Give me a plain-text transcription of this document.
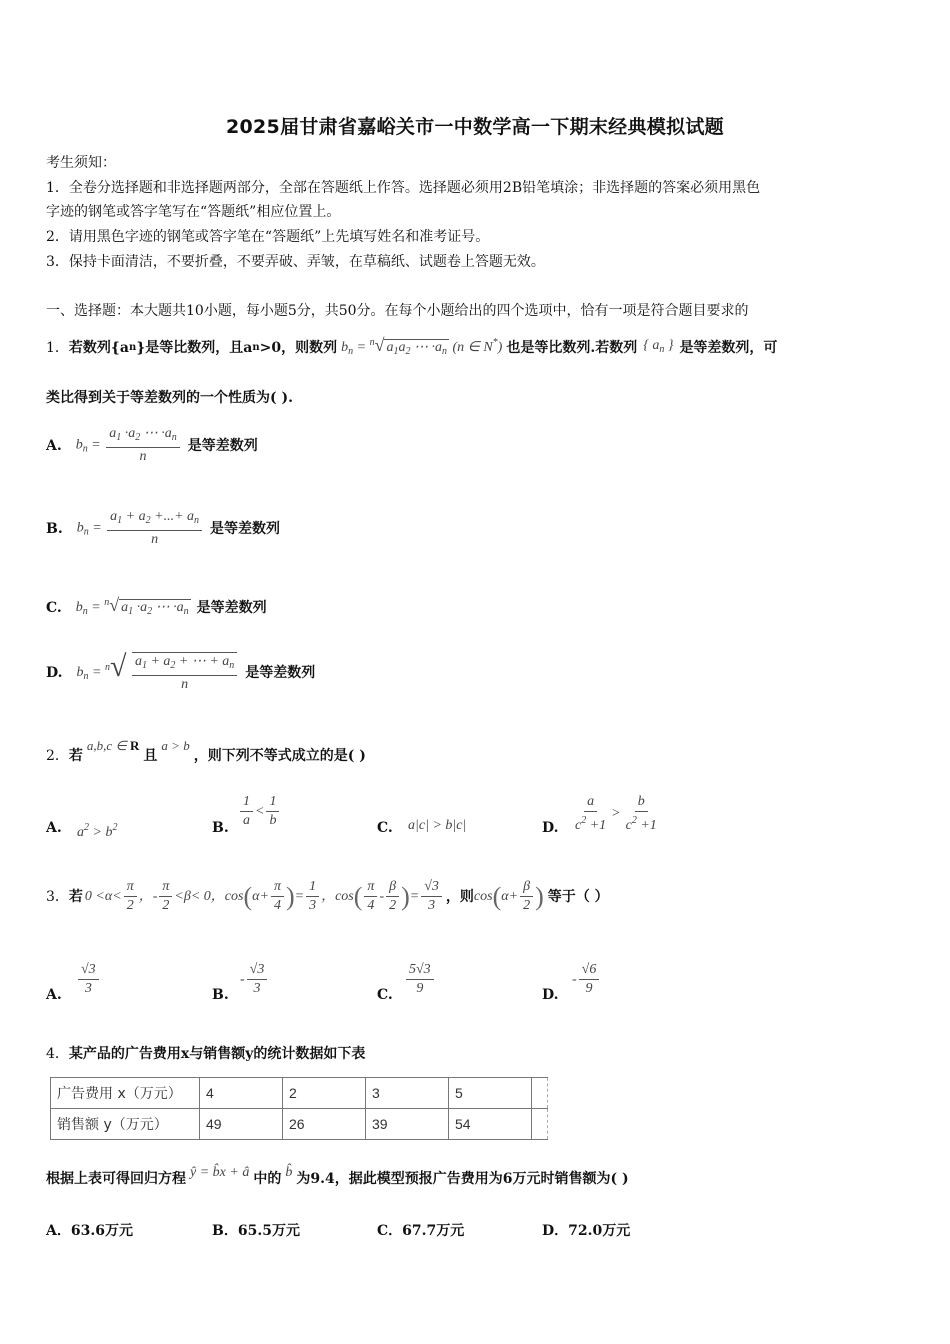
2025届甘肃省嘉峪关市一中数学高一下期末经典模拟试题
考生须知：
1．全卷分选择题和非选择题两部分，全部在答题纸上作答。选择题必须用2B铅笔填涂；非选择题的答案必须用黑色
字迹的钢笔或答字笔写在“答题纸”相应位置上。
2．请用黑色字迹的钢笔或答字笔在“答题纸”上先填写姓名和准考证号。
3．保持卡面清洁，不要折叠，不要弄破、弄皱，在草稿纸、试题卷上答题无效。
一、选择题：本大题共10小题，每小题5分，共50分。在每个小题给出的四个选项中，恰有一项是符合题目要求的
1． 若数列{a n }是等比数列，且a n >0，则数列 $b_n = ^n√$ $a_1a_2$ ⋯ $\cdot a_n$ (n ∈ N*) 也是等比数列.若数列 { $a_n$ } 是等差数列，可
类比得到关于等差数列的一个性质为( ).
A. $b_n = \frac{a_1 \cdot a_2 \cdots \cdot a_n}{n}$ 是等差数列
B. $b_n = \frac{a_1 + a_2 +...+ a_n}{n}$ 是等差数列
C. $b_n = ^n√$ $a_1 \cdot a_2$ ⋯ $\cdot a_n$ 是等差数列
D. $b_n = ^n√ \frac{a_1 + a_2 + \cdots + a_n}{n}$ 是等差数列
2． 若
a,b,c ∈ R
且
a > b
，则下列不等式成立的是( )
A. $a^2 > b^2$	B. $\frac{1}{a} < \frac{1}{b}$	C. a|c| > b|c|	D. $\frac{a}{c^2 +1} > \frac{b}{c^2 +1}$
3． 若 $0 < \alpha < \frac{\pi}{2}$ ， - $\frac{\pi}{2} < \beta < 0$， cos ( $\alpha + \frac{\pi}{4}$ ) = $\frac{1}{3}$ ， cos ( $\frac{\pi}{4} - \frac{\beta}{2}$ ) = $\frac{√3}{3}$ ，则 cos ( $\alpha + \frac{\beta}{2}$ ) 等于（ ）
A. $\frac{√3}{3}$	B.
- $\frac{√3}{3}$	C. $\frac{5√3}{9}$	D.
- $\frac{√6}{9}$
4．某产品的广告费用x与销售额y的统计数据如下表
广告费用 x（万元）	4	2	3	5	
销售额 y（万元）	49	26	39	54	
根据上表可得回归方程 ŷ = b̂x + â 中的 b̂ 为9.4，据此模型预报广告费用为6万元时销售额为( )
A．63.6万元	B．65.5万元	C．67.7万元	D．72.0万元
